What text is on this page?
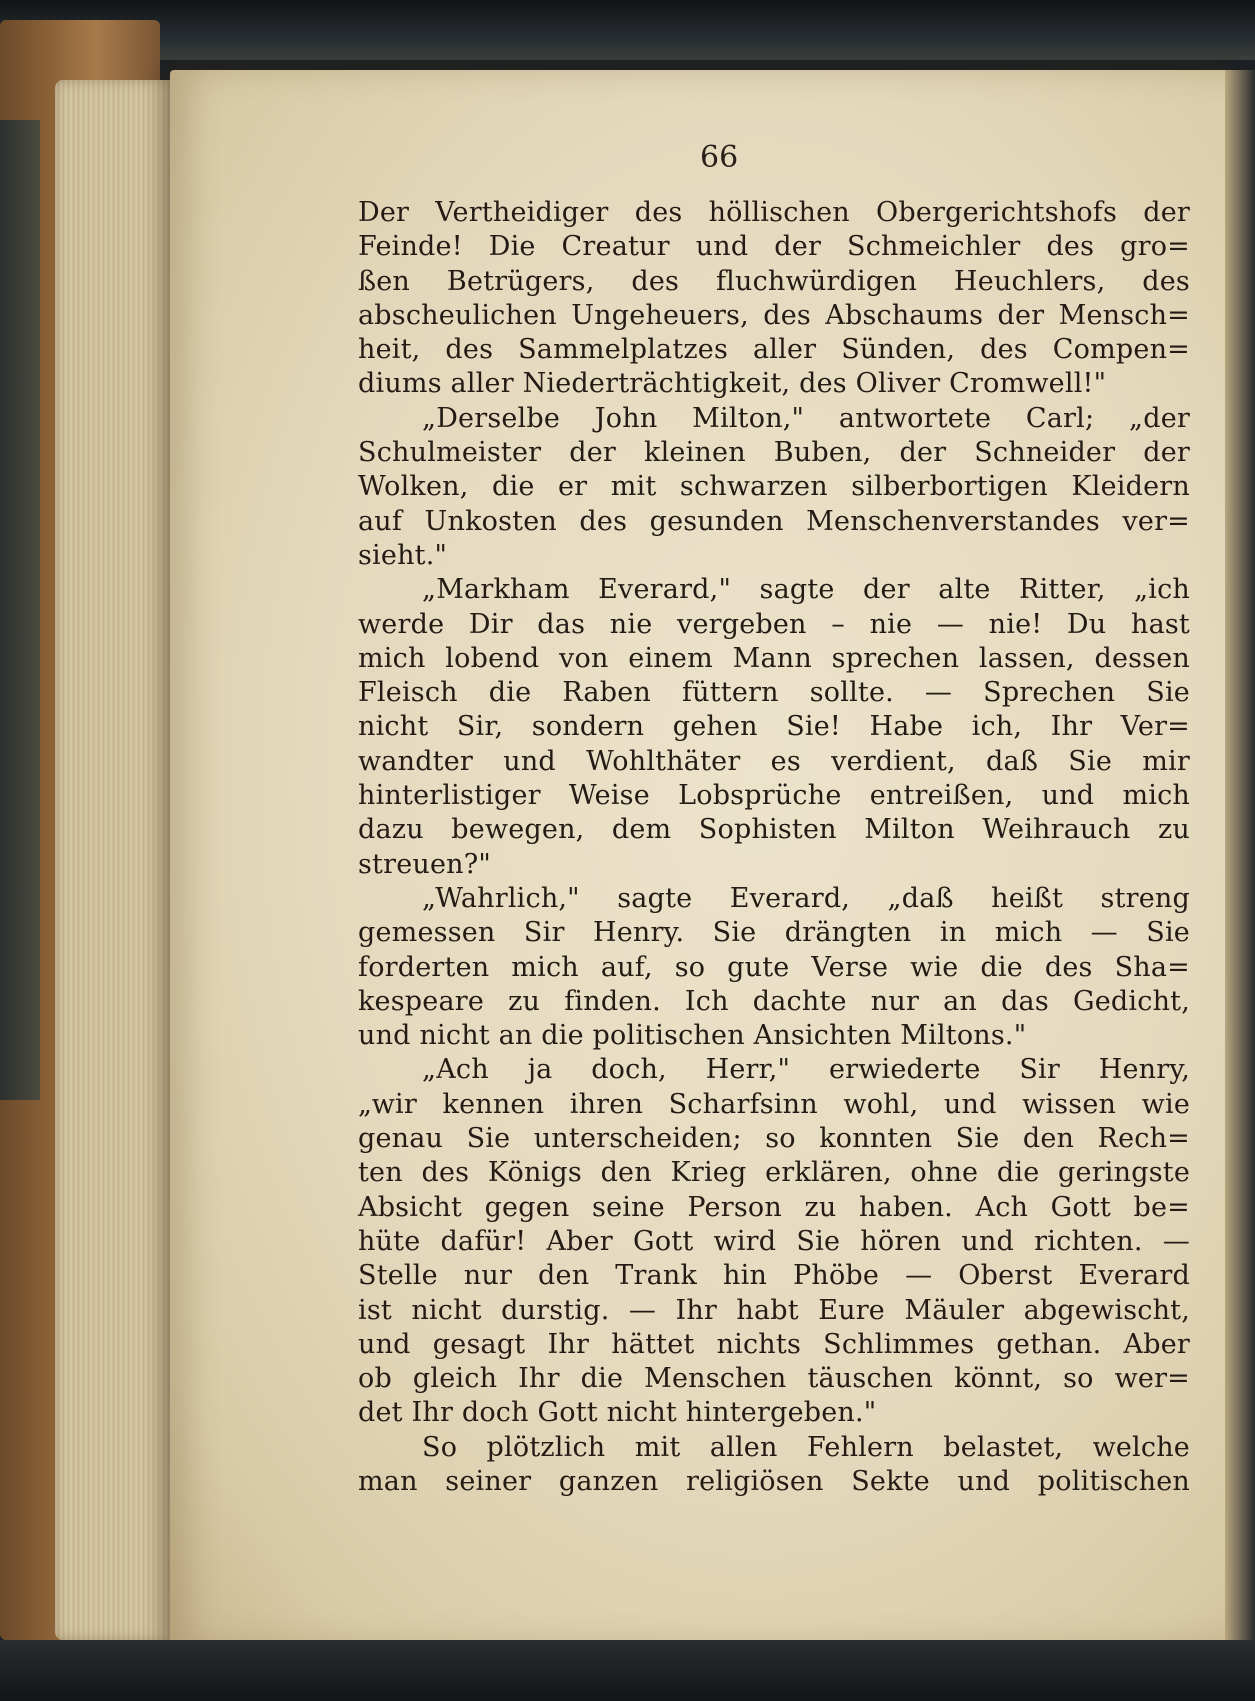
66
Der Vertheidiger des höllischen Obergerichtshofs der
Feinde! Die Creatur und der Schmeichler des gro=
ßen Betrügers, des fluchwürdigen Heuchlers, des
abscheulichen Ungeheuers, des Abschaums der Mensch=
heit, des Sammelplatzes aller Sünden, des Compen=
diums aller Niederträchtigkeit, des Oliver Cromwell!"
„Derselbe John Milton," antwortete Carl; „der
Schulmeister der kleinen Buben, der Schneider der
Wolken, die er mit schwarzen silberbortigen Kleidern
auf Unkosten des gesunden Menschenverstandes ver=
sieht."
„Markham Everard," sagte der alte Ritter, „ich
werde Dir das nie vergeben – nie — nie! Du hast
mich lobend von einem Mann sprechen lassen, dessen
Fleisch die Raben füttern sollte. — Sprechen Sie
nicht Sir, sondern gehen Sie! Habe ich, Ihr Ver=
wandter und Wohlthäter es verdient, daß Sie mir
hinterlistiger Weise Lobsprüche entreißen, und mich
dazu bewegen, dem Sophisten Milton Weihrauch zu
streuen?"
„Wahrlich," sagte Everard, „daß heißt streng
gemessen Sir Henry. Sie drängten in mich — Sie
forderten mich auf, so gute Verse wie die des Sha=
kespeare zu finden. Ich dachte nur an das Gedicht,
und nicht an die politischen Ansichten Miltons."
„Ach ja doch, Herr," erwiederte Sir Henry,
„wir kennen ihren Scharfsinn wohl, und wissen wie
genau Sie unterscheiden; so konnten Sie den Rech=
ten des Königs den Krieg erklären, ohne die geringste
Absicht gegen seine Person zu haben. Ach Gott be=
hüte dafür! Aber Gott wird Sie hören und richten. —
Stelle nur den Trank hin Phöbe — Oberst Everard
ist nicht durstig. — Ihr habt Eure Mäuler abgewischt,
und gesagt Ihr hättet nichts Schlimmes gethan. Aber
ob gleich Ihr die Menschen täuschen könnt, so wer=
det Ihr doch Gott nicht hintergeben."
So plötzlich mit allen Fehlern belastet, welche
man seiner ganzen religiösen Sekte und politischen
